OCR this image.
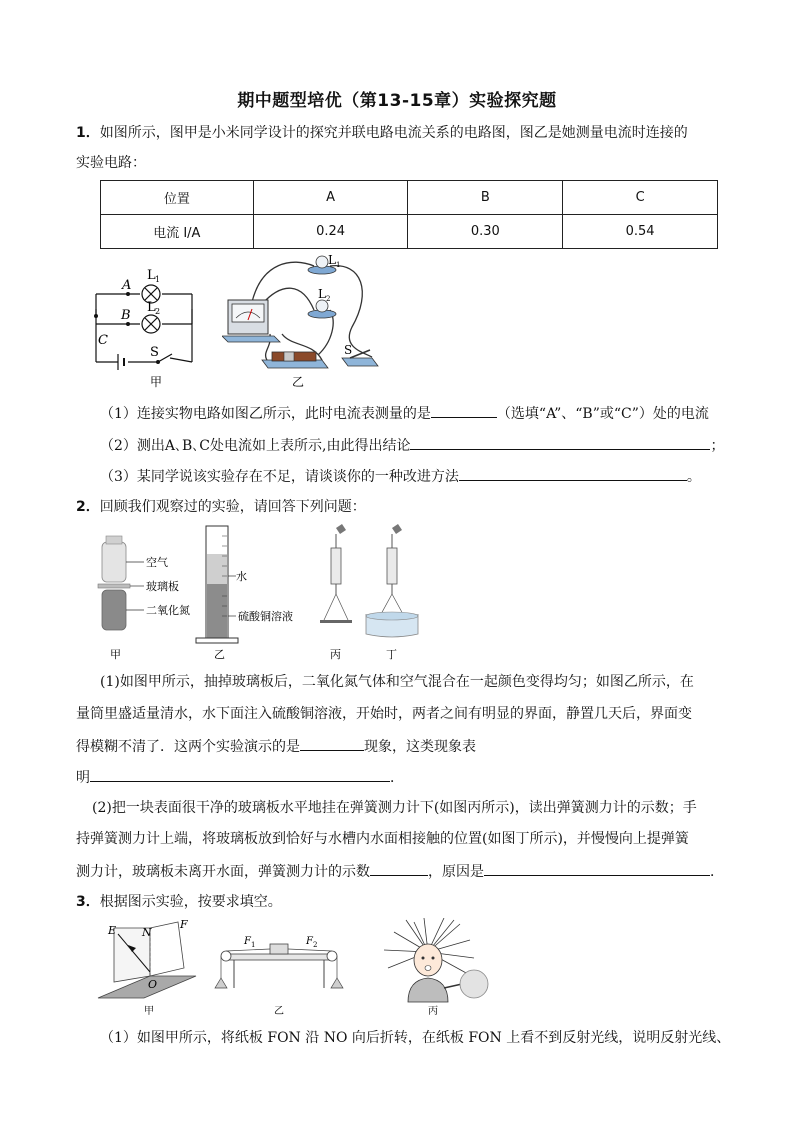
期中题型培优（第13-15章）实验探究题
1．如图所示，图甲是小米同学设计的探究并联电路电流关系的电路图，图乙是她测量电流时连接的
实验电路：
位置	A	B	C
电流 I/A	0.24	0.30	0.54
A
B
C
L 1
L 2
S
甲
L 1
L 2
S
乙
（1）连接实物电路如图乙所示，此时电流表测量的是	（选填“A”、“B”或“C”）处的电流
（2）测出A､B､C处电流如上表所示,由此得出结论	；
（3）某同学说该实验存在不足，请谈谈你的一种改进方法	。
2．回顾我们观察过的实验，请回答下列问题：
空气
玻璃板
二氧化氮
甲
水
硫酸铜溶液
乙	丙	丁
(1)如图甲所示，抽掉玻璃板后，二氧化氮气体和空气混合在一起颜色变得均匀；如图乙所示，在
量筒里盛适量清水，水下面注入硫酸铜溶液，开始时，两者之间有明显的界面，静置几天后，界面变
得模糊不清了．这两个实验演示的是	现象，这类现象表
明	．
(2)把一块表面很干净的玻璃板水平地挂在弹簧测力计下(如图丙所示)，读出弹簧测力计的示数；手
持弹簧测力计上端，将玻璃板放到恰好与水槽内水面相接触的位置(如图丁所示)，并慢慢向上提弹簧
测力计，玻璃板未离开水面，弹簧测力计的示数	，原因是	．
3．根据图示实验，按要求填空。
E N
F
O
甲
F 1	F 2
乙	丙
（1）如图甲所示，将纸板 FON 沿 NO 向后折转，在纸板 FON 上看不到反射光线，说明反射光线、
